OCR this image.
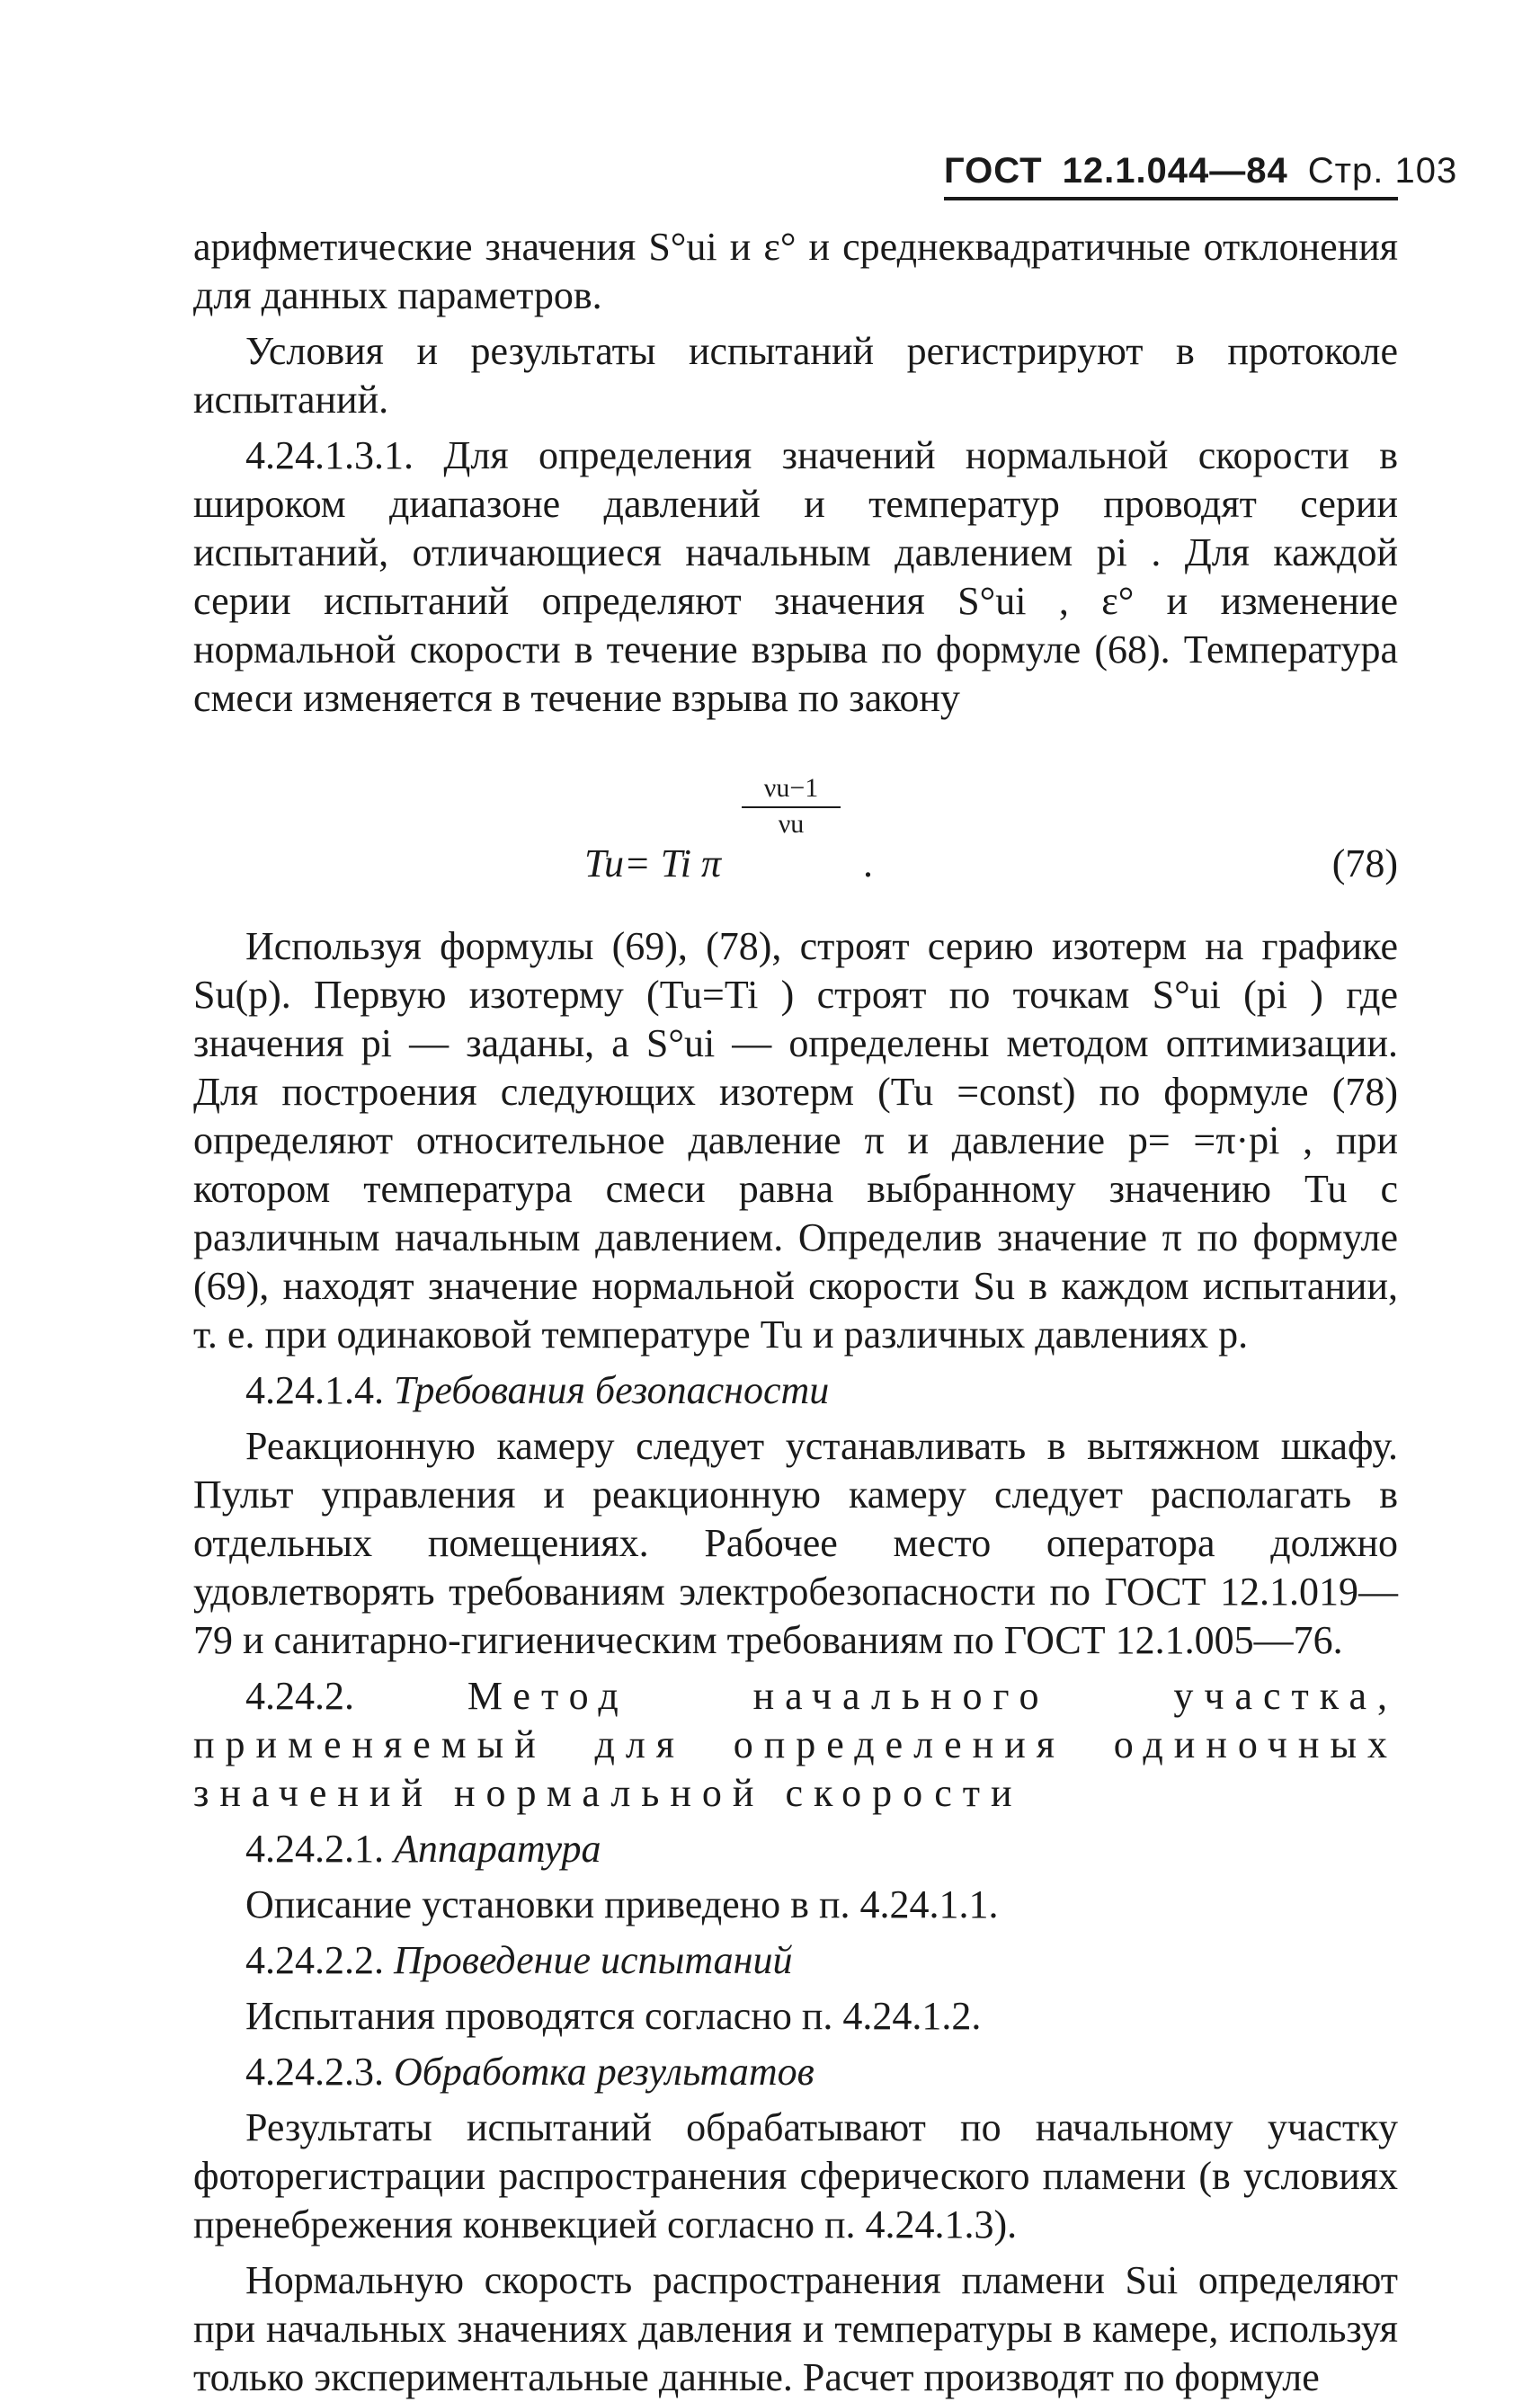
ГОСТ 12.1.044—84 Стр. 103

арифметические значения S°ui и ε° и среднеквадратичные отклонения для данных параметров.

Условия и результаты испытаний регистрируют в протоколе испытаний.

4.24.1.3.1. Для определения значений нормальной скорости в широком диапазоне давлений и температур проводят серии испытаний, отличающиеся начальным давлением pi . Для каждой серии испытаний определяют значения S°ui , ε° и изменение нормальной скорости в течение взрыва по формуле (68). Температура смеси изменяется в течение взрыва по закону

Tu= Ti π
$\frac{\nu u-1}{\nu u}$
.	(78)

Используя формулы (69), (78), строят серию изотерм на графике Su(p). Первую изотерму (Tu=Ti ) строят по точкам S°ui (pi ) где значения pi — заданы, а S°ui — определены методом оптимизации. Для построения следующих изотерм (Tu =const) по формуле (78) определяют относительное давление π и давление p= =π·pi , при котором температура смеси равна выбранному значению Tu с различным начальным давлением. Определив значение π по формуле (69), находят значение нормальной скорости Su в каждом испытании, т. е. при одинаковой температуре Tu и различных давлениях p.

4.24.1.4. Требования безопасности

Реакционную камеру следует устанавливать в вытяжном шкафу. Пульт управления и реакционную камеру следует располагать в отдельных помещениях. Рабочее место оператора должно удовлетворять требованиям электробезопасности по ГОСТ 12.1.019—79 и санитарно-гигиеническим требованиям по ГОСТ 12.1.005—76.

4.24.2.	Метод начального участка, применяемый для определения одиночных значений нормальной скорости

4.24.2.1. Аппаратура

Описание установки приведено в п. 4.24.1.1.

4.24.2.2. Проведение испытаний

Испытания проводятся согласно п. 4.24.1.2.

4.24.2.3. Обработка результатов

Результаты испытаний обрабатывают по начальному участку фоторегистрации распространения сферического пламени (в условиях пренебрежения конвекцией согласно п. 4.24.1.3).

Нормальную скорость распространения пламени Sui определяют при начальных значениях давления и температуры в камере, используя только экспериментальные данные. Расчет производят по формуле
